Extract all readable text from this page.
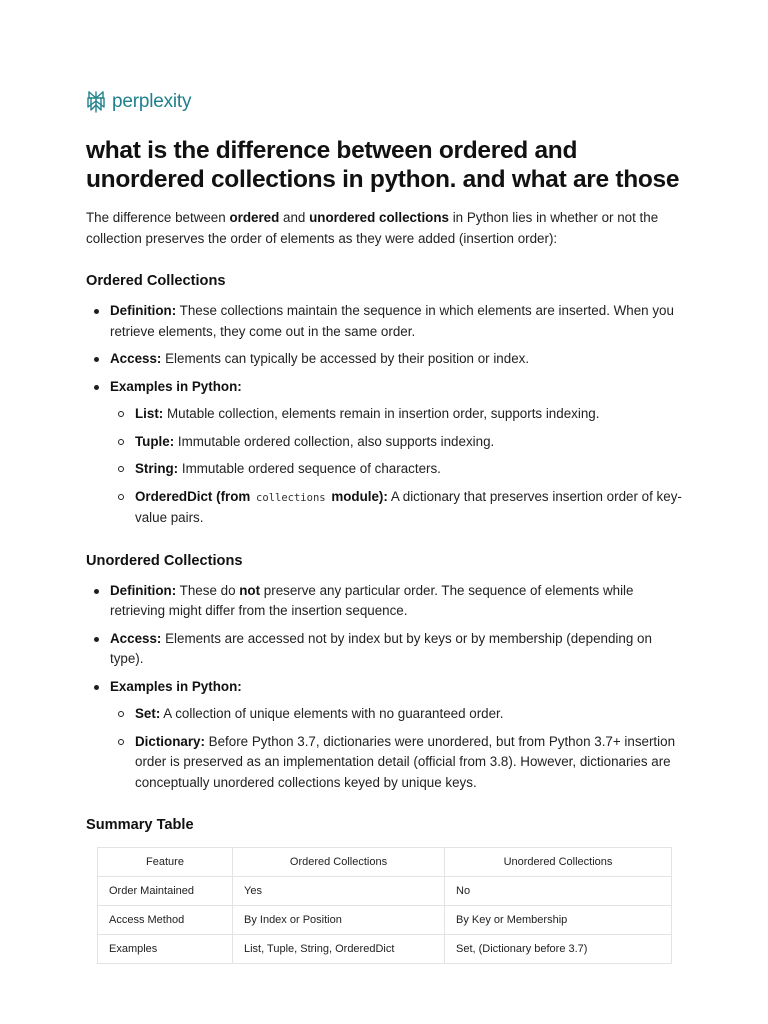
perplexity
what is the difference between ordered and unordered collections in python. and what are those

The difference between ordered and unordered collections in Python lies in whether or not the collection preserves the order of elements as they were added (insertion order):

Ordered Collections
Definition: These collections maintain the sequence in which elements are inserted. When you retrieve elements, they come out in the same order.
Access: Elements can typically be accessed by their position or index.
Examples in Python:
List: Mutable collection, elements remain in insertion order, supports indexing.
Tuple: Immutable ordered collection, also supports indexing.
String: Immutable ordered sequence of characters.
OrderedDict (from collections module): A dictionary that preserves insertion order of key-value pairs.
Unordered Collections
Definition: These do not preserve any particular order. The sequence of elements while retrieving might differ from the insertion sequence.
Access: Elements are accessed not by index but by keys or by membership (depending on type).
Examples in Python:
Set: A collection of unique elements with no guaranteed order.
Dictionary: Before Python 3.7, dictionaries were unordered, but from Python 3.7+ insertion order is preserved as an implementation detail (official from 3.8). However, dictionaries are conceptually unordered collections keyed by unique keys.
Summary Table
Feature	Ordered Collections	Unordered Collections
Order Maintained	Yes	No
Access Method	By Index or Position	By Key or Membership
Examples	List, Tuple, String, OrderedDict	Set, (Dictionary before 3.7)
